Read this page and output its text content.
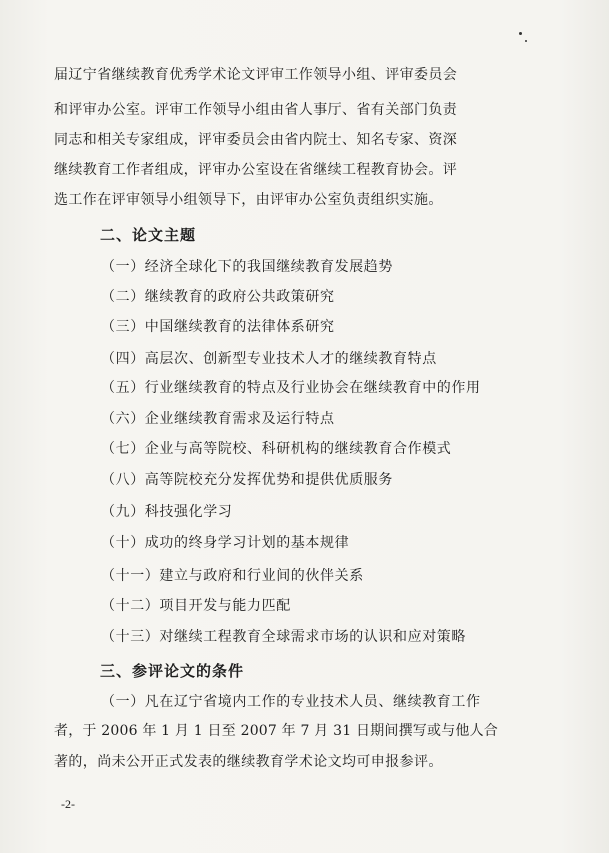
届辽宁省继续教育优秀学术论文评审工作领导小组、评审委员会
和评审办公室。评审工作领导小组由省人事厅、省有关部门负责
同志和相关专家组成，评审委员会由省内院士、知名专家、资深
继续教育工作者组成，评审办公室设在省继续工程教育协会。评
选工作在评审领导小组领导下，由评审办公室负责组织实施。
二、论文主题
（一）经济全球化下的我国继续教育发展趋势
（二）继续教育的政府公共政策研究
（三）中国继续教育的法律体系研究
（四）高层次、创新型专业技术人才的继续教育特点
（五）行业继续教育的特点及行业协会在继续教育中的作用
（六）企业继续教育需求及运行特点
（七）企业与高等院校、科研机构的继续教育合作模式
（八）高等院校充分发挥优势和提供优质服务
（九）科技强化学习
（十）成功的终身学习计划的基本规律
（十一）建立与政府和行业间的伙伴关系
（十二）项目开发与能力匹配
（十三）对继续工程教育全球需求市场的认识和应对策略
三、参评论文的条件
（一）凡在辽宁省境内工作的专业技术人员、继续教育工作
者，于 2006 年 1 月 1 日至 2007 年 7 月 31 日期间撰写或与他人合
著的，尚未公开正式发表的继续教育学术论文均可申报参评。
-2-
